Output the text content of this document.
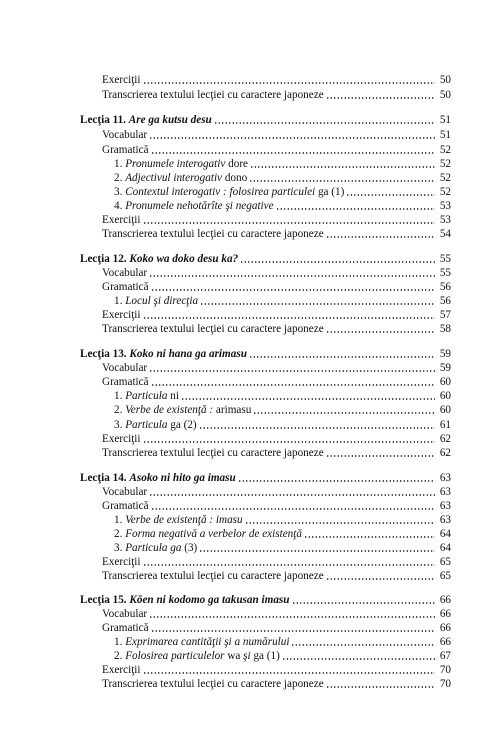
Exerciţii	50
Transcrierea textului lecţiei cu caractere japoneze	50
Lecţia 11. Are ga kutsu desu	51
Vocabular	51
Gramatică	52
1. Pronumele interogativ dore	52
2. Adjectivul interogativ dono	52
3. Contextul interogativ : folosirea particulei ga (1)	52
4. Pronumele nehotărîte şi negative	53
Exerciţii	53
Transcrierea textului lecţiei cu caractere japoneze	54
Lecţia 12. Koko wa doko desu ka?	55
Vocabular	55
Gramatică	56
1. Locul şi direcţia	56
Exerciţii	57
Transcrierea textului lecţiei cu caractere japoneze	58
Lecţia 13. Koko ni hana ga arimasu	59
Vocabular	59
Gramatică	60
1. Particula ni	60
2. Verbe de existenţă : arimasu	60
3. Particula ga (2)	61
Exerciţii	62
Transcrierea textului lecţiei cu caractere japoneze	62
Lecţia 14. Asoko ni hito ga imasu	63
Vocabular	63
Gramatică	63
1. Verbe de existenţă : imasu	63
2. Forma negativă a verbelor de existenţă	64
3. Particula ga (3)	64
Exerciţii	65
Transcrierea textului lecţiei cu caractere japoneze	65
Lecţia 15. Kōen ni kodomo ga takusan imasu	66
Vocabular	66
Gramatică	66
1. Exprimarea cantităţii şi a numărului	66
2. Folosirea particulelor wa şi ga (1)	67
Exerciţii	70
Transcrierea textului lecţiei cu caractere japoneze	70
